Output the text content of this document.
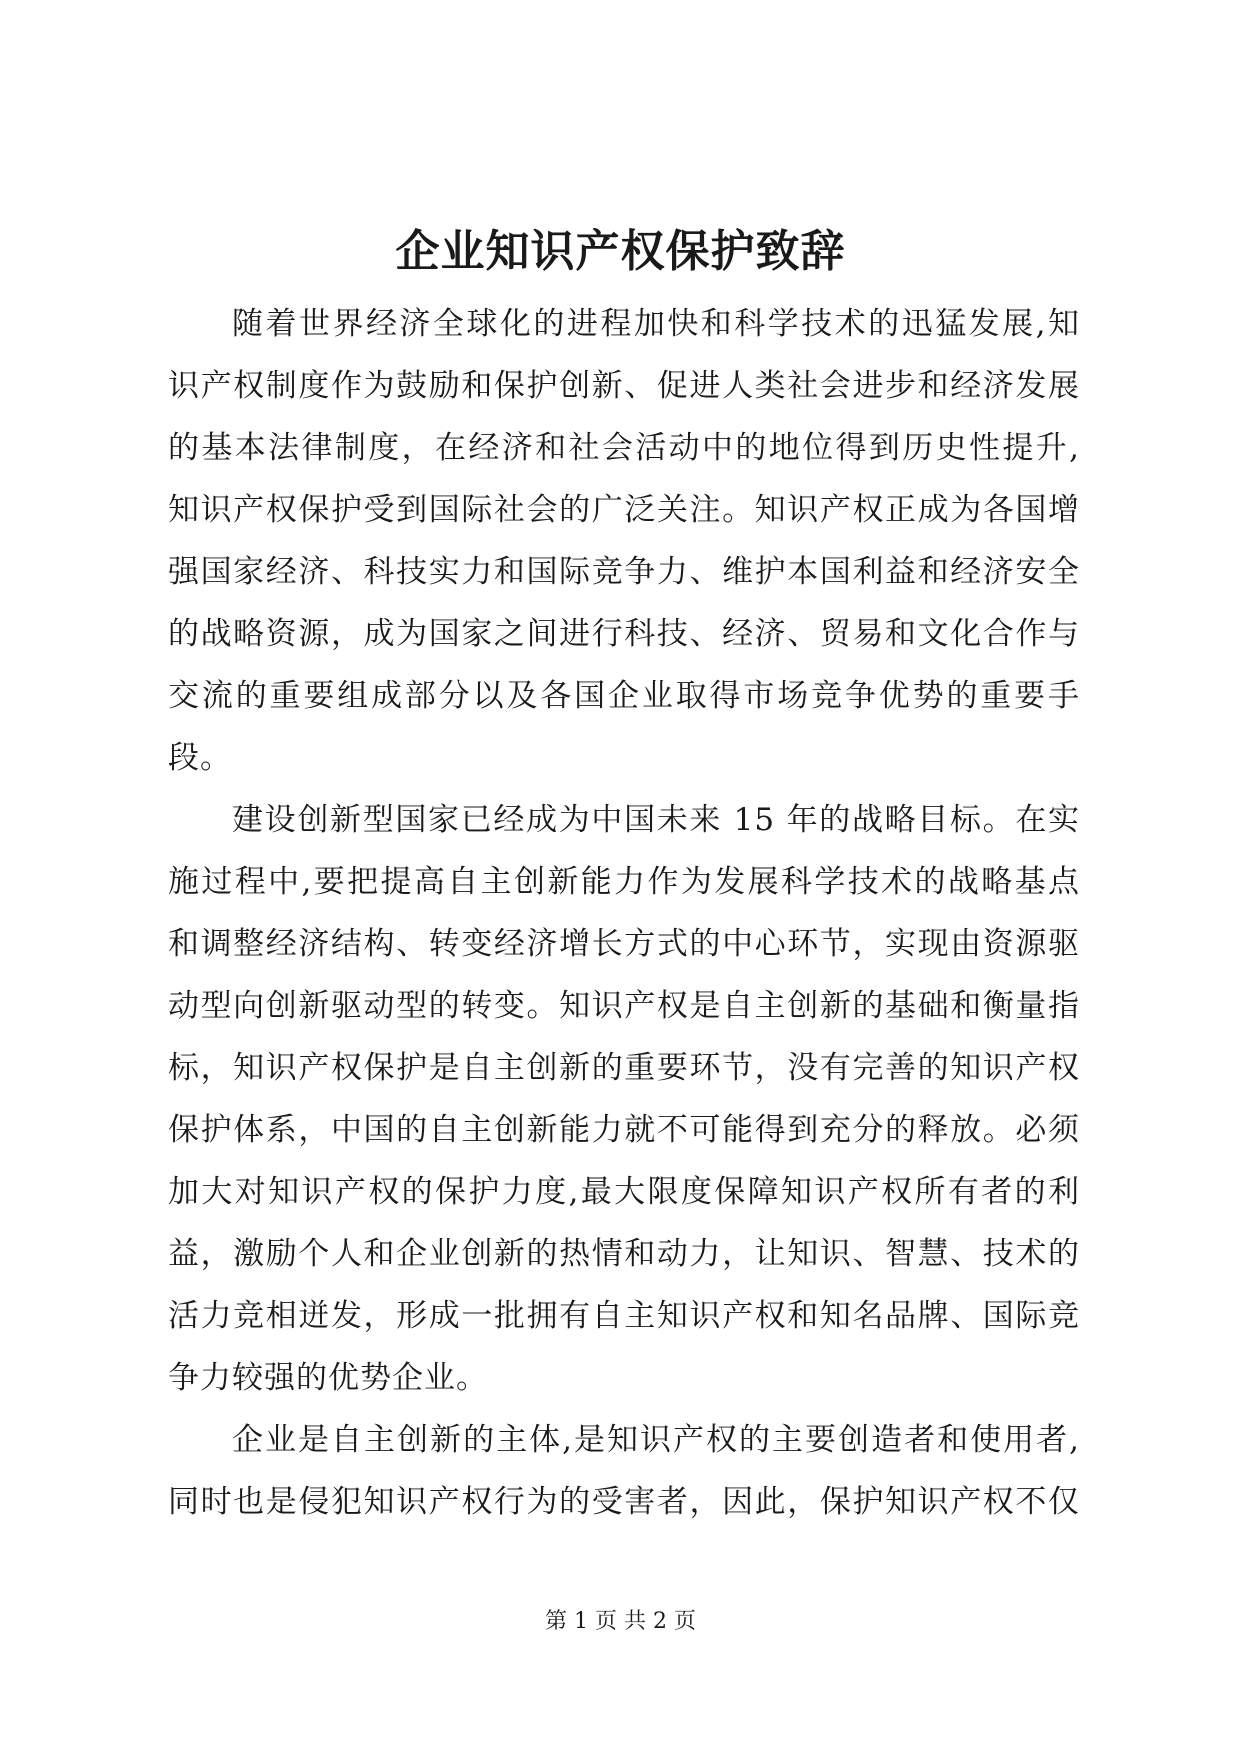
企业知识产权保护致辞
随着世界经济全球化的进程加快和科学技术的迅猛发展,知
识产权制度作为鼓励和保护创新、促进人类社会进步和经济发展
的基本法律制度，在经济和社会活动中的地位得到历史性提升,
知识产权保护受到国际社会的广泛关注。知识产权正成为各国增
强国家经济、科技实力和国际竞争力、维护本国利益和经济安全
的战略资源，成为国家之间进行科技、经济、贸易和文化合作与
交流的重要组成部分以及各国企业取得市场竞争优势的重要手
段。
建设创新型国家已经成为中国未来 15 年的战略目标。在实
施过程中,要把提高自主创新能力作为发展科学技术的战略基点
和调整经济结构、转变经济增长方式的中心环节，实现由资源驱
动型向创新驱动型的转变。知识产权是自主创新的基础和衡量指
标，知识产权保护是自主创新的重要环节，没有完善的知识产权
保护体系，中国的自主创新能力就不可能得到充分的释放。必须
加大对知识产权的保护力度,最大限度保障知识产权所有者的利
益，激励个人和企业创新的热情和动力，让知识、智慧、技术的
活力竞相迸发，形成一批拥有自主知识产权和知名品牌、国际竞
争力较强的优势企业。
企业是自主创新的主体,是知识产权的主要创造者和使用者,
同时也是侵犯知识产权行为的受害者，因此，保护知识产权不仅
第 1 页 共 2 页
